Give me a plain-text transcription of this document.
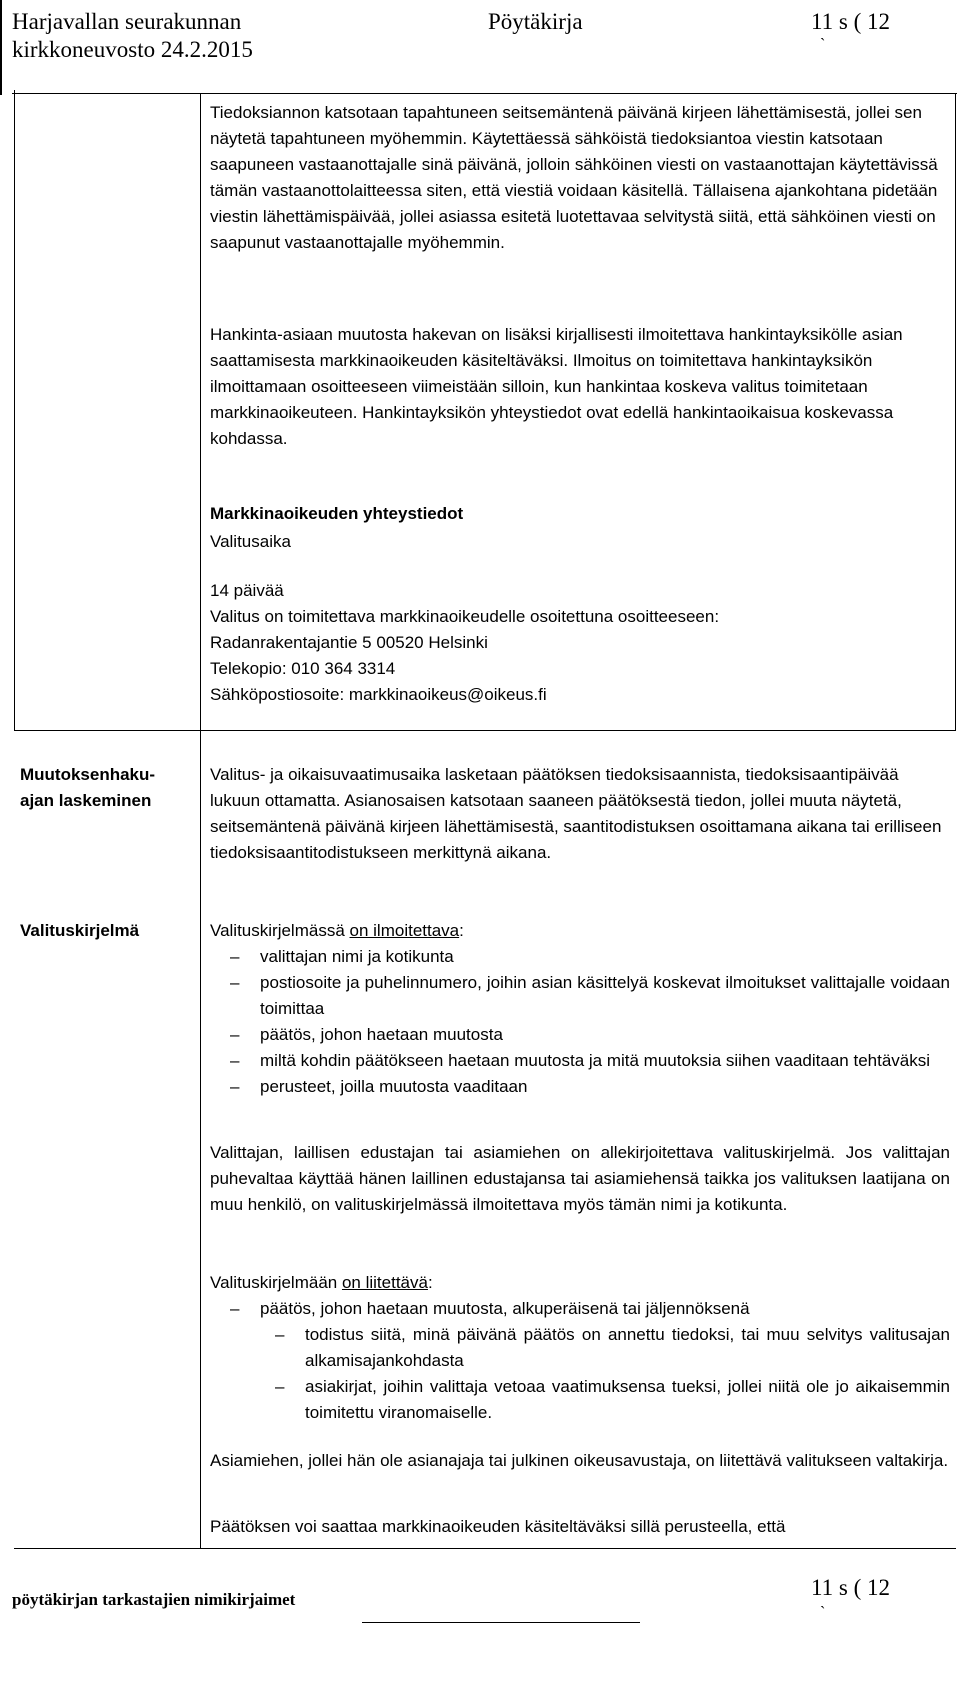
Harjavallan seurakunnan
kirkkoneuvosto 24.2.2015
Pöytäkirja	11 s ( 12
`

Tiedoksiannon katsotaan tapahtuneen seitsemäntenä päivänä kirjeen lähettämisestä, jollei sen näytetä tapahtuneen myöhemmin. Käytettäessä sähköistä tiedoksiantoa viestin katsotaan saapuneen vastaanottajalle sinä päivänä, jolloin sähköinen viesti on vastaanottajan käytettävissä tämän vastaanottolaitteessa siten, että viestiä voidaan käsitellä. Tällaisena ajankohtana pidetään viestin lähettämispäivää, jollei asiassa esitetä luotettavaa selvitystä siitä, että sähköinen viesti on saapunut vastaanottajalle myöhemmin.

Hankinta-asiaan muutosta hakevan on lisäksi kirjallisesti ilmoitettava hankintayksikölle asian saattamisesta markkinaoikeuden käsiteltäväksi. Ilmoitus on toimitettava hankintayksikön ilmoittamaan osoitteeseen viimeistään silloin, kun hankintaa koskeva valitus toimitetaan markkinaoikeuteen. Hankintayksikön yhteystiedot ovat edellä hankintaoikaisua koskevassa kohdassa.

Markkinaoikeuden yhteystiedot

Valitusaika

14 päivää

Valitus on toimitettava markkinaoikeudelle osoitettuna osoitteeseen:

Radanrakentajantie 5 00520 Helsinki

Telekopio: 010 364 3314

Sähköpostiosoite: markkinaoikeus@oikeus.fi

Muutoksenhaku-
ajan laskeminen

Valitus- ja oikaisuvaatimusaika lasketaan päätöksen tiedoksisaannista, tiedoksisaantipäivää lukuun ottamatta. Asianosaisen katsotaan saaneen päätöksestä tiedon, jollei muuta näytetä, seitsemäntenä päivänä kirjeen lähettämisestä, saantitodistuksen osoittamana aikana tai erilliseen tiedoksisaantitodistukseen merkittynä aikana.

Valituskirjelmä	Valituskirjelmässä on ilmoitettava:

– valittajan nimi ja kotikunta
– postiosoite ja puhelinnumero, joihin asian käsittelyä koskevat ilmoitukset valittajalle voidaan toimittaa
– päätös, johon haetaan muutosta
– miltä kohdin päätökseen haetaan muutosta ja mitä muutoksia siihen vaaditaan tehtäväksi
– perusteet, joilla muutosta vaaditaan

Valittajan, laillisen edustajan tai asiamiehen on allekirjoitettava valituskirjelmä. Jos valittajan puhevaltaa käyttää hänen laillinen edustajansa tai asiamiehensä taikka jos valituksen laatijana on muu henkilö, on valituskirjelmässä ilmoitettava myös tämän nimi ja kotikunta.

Valituskirjelmään on liitettävä:

– päätös, johon haetaan muutosta, alkuperäisenä tai jäljennöksenä
– todistus siitä, minä päivänä päätös on annettu tiedoksi, tai muu selvitys valitusajan alkamisajankohdasta
– asiakirjat, joihin valittaja vetoaa vaatimuksensa tueksi, jollei niitä ole jo aikaisemmin toimitettu viranomaiselle.

Asiamiehen, jollei hän ole asianajaja tai julkinen oikeusavustaja, on liitettävä valitukseen valtakirja.

Päätöksen voi saattaa markkinaoikeuden käsiteltäväksi sillä perusteella, että

pöytäkirjan tarkastajien nimikirjaimet	11 s ( 12
`
